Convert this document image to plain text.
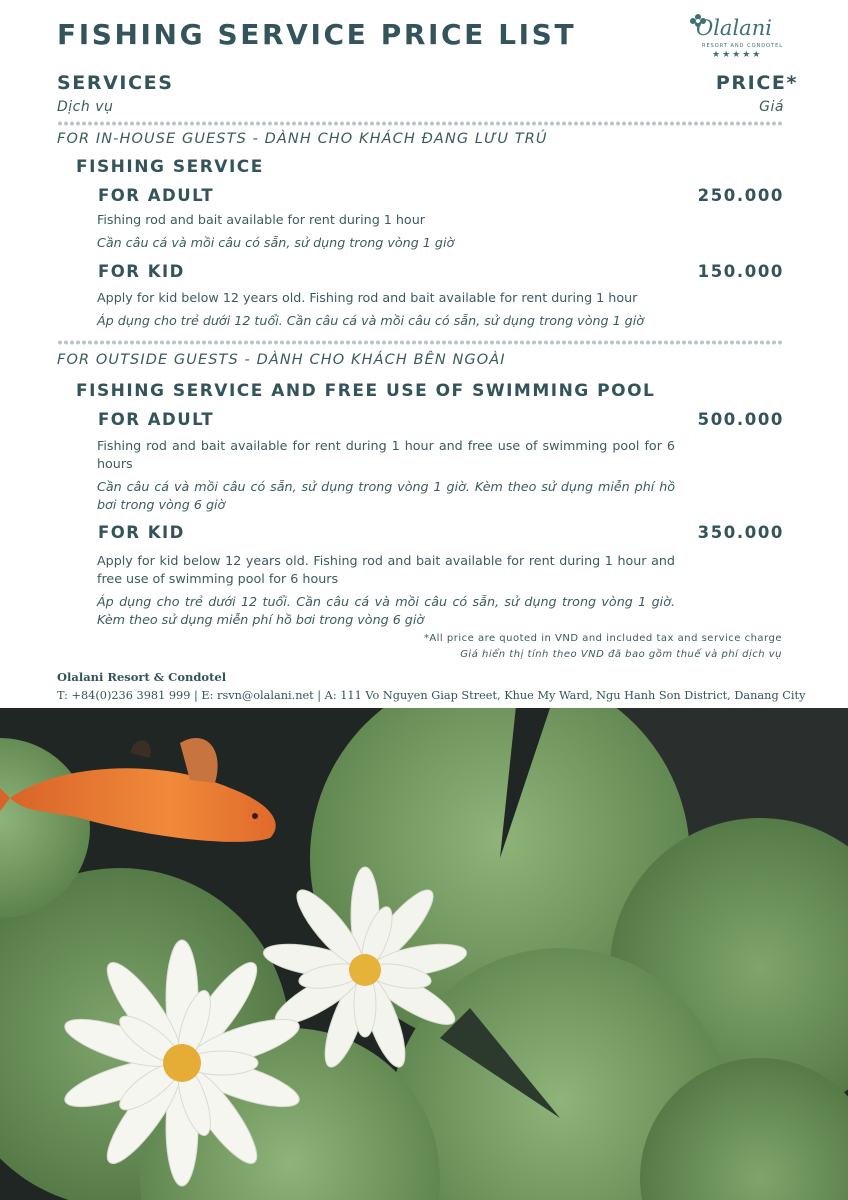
FISHING SERVICE PRICE LIST	Olalani
RESORT AND CONDOTEL
★★★★★
SERVICES
Dịch vụ
PRICE*
Giá
FOR IN-HOUSE GUESTS - DÀNH CHO KHÁCH ĐANG LƯU TRÚ
FISHING SERVICE
FOR ADULT	250.000
Fishing rod and bait available for rent during 1 hour
Cần câu cá và mồi câu có sẵn, sử dụng trong vòng 1 giờ
FOR KID	150.000
Apply for kid below 12 years old. Fishing rod and bait available for rent during 1 hour
Áp dụng cho trẻ dưới 12 tuổi. Cần câu cá và mồi câu có sẵn, sử dụng trong vòng 1 giờ
FOR OUTSIDE GUESTS - DÀNH CHO KHÁCH BÊN NGOÀI
FISHING SERVICE AND FREE USE OF SWIMMING POOL
FOR ADULT	500.000
Fishing rod and bait available for rent during 1 hour and free use of swimming pool for 6 hours
Cần câu cá và mồi câu có sẵn, sử dụng trong vòng 1 giờ. Kèm theo sử dụng miễn phí hồ bơi trong vòng 6 giờ
FOR KID	350.000
Apply for kid below 12 years old. Fishing rod and bait available for rent during 1 hour and free use of swimming pool for 6 hours
Áp dụng cho trẻ dưới 12 tuổi. Cần câu cá và mồi câu có sẵn, sử dụng trong vòng 1 giờ. Kèm theo sử dụng miễn phí hồ bơi trong vòng 6 giờ
*All price are quoted in VND and included tax and service charge
Giá hiển thị tính theo VND đã bao gồm thuế và phí dịch vụ
Olalani Resort & Condotel
T: +84(0)236 3981 999 | E: rsvn@olalani.net | A: 111 Vo Nguyen Giap Street, Khue My Ward, Ngu Hanh Son District, Danang City
